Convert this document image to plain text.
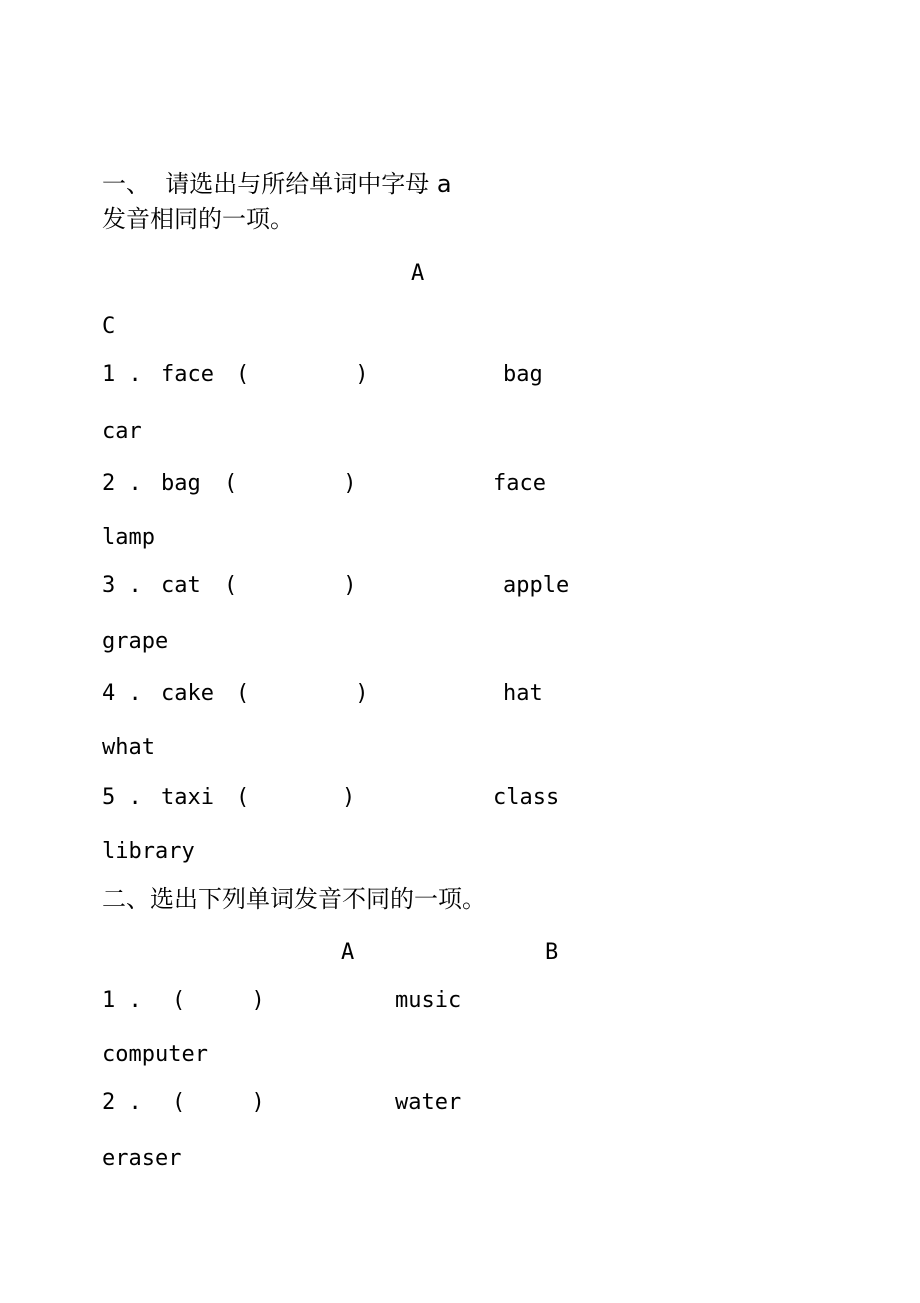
一、  请选出与所给单词中字母 a
发音相同的一项。
A
C
1 . face (        )	bag
car
2 . bag (        )	face
lamp
3 . cat (        )	apple
grape
4 . cake (        )	hat
what
5 . taxi (       )	class
library
二、选出下列单词发音不同的一项。
A	B
1 . (     )	music
computer
2 . (     )	water
eraser
